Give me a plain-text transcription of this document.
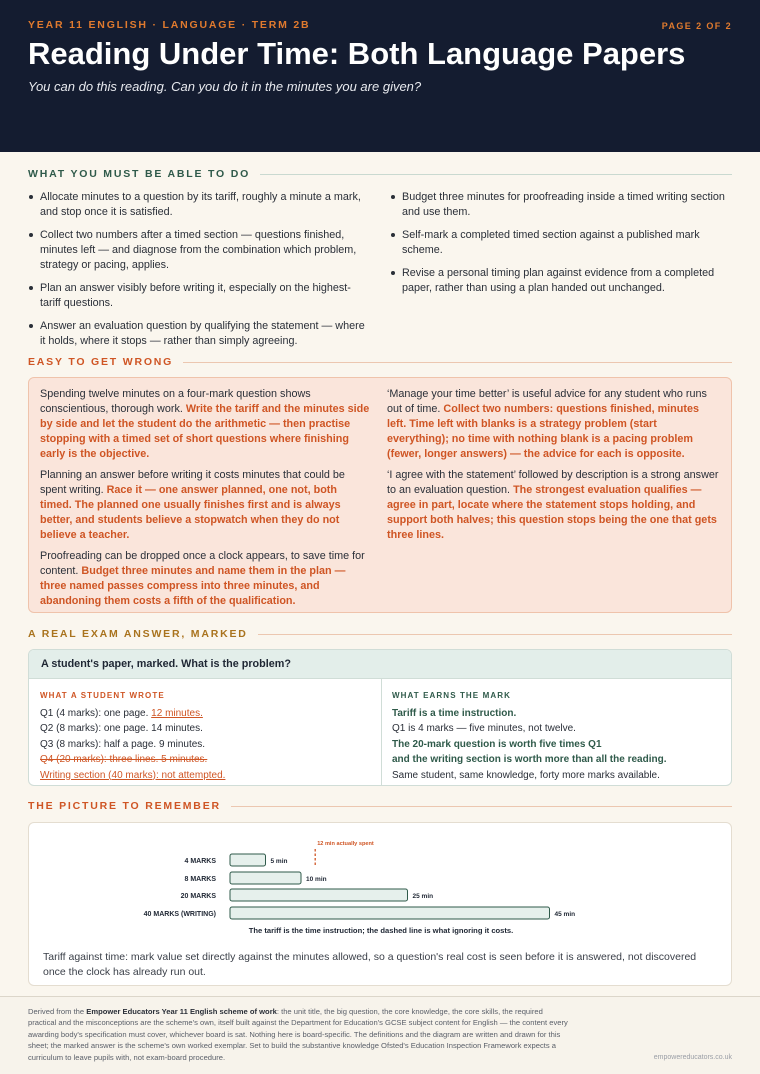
YEAR 11 ENGLISH · LANGUAGE · TERM 2B	PAGE 2 OF 2
Reading Under Time: Both Language Papers
You can do this reading. Can you do it in the minutes you are given?
WHAT YOU MUST BE ABLE TO DO
Allocate minutes to a question by its tariff, roughly a minute a mark, and stop once it is satisfied.
Collect two numbers after a timed section — questions finished, minutes left — and diagnose from the combination which problem, strategy or pacing, applies.
Plan an answer visibly before writing it, especially on the highest-tariff questions.
Answer an evaluation question by qualifying the statement — where it holds, where it stops — rather than simply agreeing.
Budget three minutes for proofreading inside a timed writing section and use them.
Self-mark a completed timed section against a published mark scheme.
Revise a personal timing plan against evidence from a completed paper, rather than using a plan handed out unchanged.
EASY TO GET WRONG

Spending twelve minutes on a four-mark question shows conscientious, thorough work. Write the tariff and the minutes side by side and let the student do the arithmetic — then practise stopping with a timed set of short questions where finishing early is the objective.

Planning an answer before writing it costs minutes that could be spent writing. Race it — one answer planned, one not, both timed. The planned one usually finishes first and is always better, and students believe a stopwatch when they do not believe a teacher.

Proofreading can be dropped once a clock appears, to save time for content. Budget three minutes and name them in the plan — three named passes compress into three minutes, and abandoning them costs a fifth of the qualification.

‘Manage your time better’ is useful advice for any student who runs out of time. Collect two numbers: questions finished, minutes left. Time left with blanks is a strategy problem (start everything); no time with nothing blank is a pacing problem (fewer, longer answers) — the advice for each is opposite.

‘I agree with the statement’ followed by description is a strong answer to an evaluation question. The strongest evaluation qualifies — agree in part, locate where the statement stops holding, and support both halves; this question stops being the one that gets three lines.

A REAL EXAM ANSWER, MARKED
A student's paper, marked. What is the problem?
WHAT A STUDENT WROTE
Q1 (4 marks): one page. 12 minutes.
Q2 (8 marks): one page. 14 minutes.
Q3 (8 marks): half a page. 9 minutes.
Q4 (20 marks): three lines. 5 minutes.
Writing section (40 marks): not attempted.
WHAT EARNS THE MARK
Tariff is a time instruction.
Q1 is 4 marks — five minutes, not twelve.
The 20-mark question is worth five times Q1
and the writing section is worth more than all the reading.
Same student, same knowledge, forty more marks available.
THE PICTURE TO REMEMBER
4 MARKS	5 min
8 MARKS	10 min
20 MARKS	25 min
40 MARKS (WRITING)	45 min
12 min actually spent
The tariff is the time instruction; the dashed line is what ignoring it costs.
Tariff against time: mark value set directly against the minutes allowed, so a question's real cost is seen before it is answered, not discovered once the clock has already run out.
Derived from the Empower Educators Year 11 English scheme of work: the unit title, the big question, the core knowledge, the core skills, the required practical and the misconceptions are the scheme's own, itself built against the Department for Education's GCSE subject content for English — the content every awarding body's specification must cover, whichever board is sat. Nothing here is board-specific. The definitions and the diagram are written and drawn for this sheet; the marked answer is the scheme's own worked exemplar. Set to build the substantive knowledge Ofsted's Education Inspection Framework expects a curriculum to leave pupils with, not exam-board procedure.	empowereducators.co.uk
